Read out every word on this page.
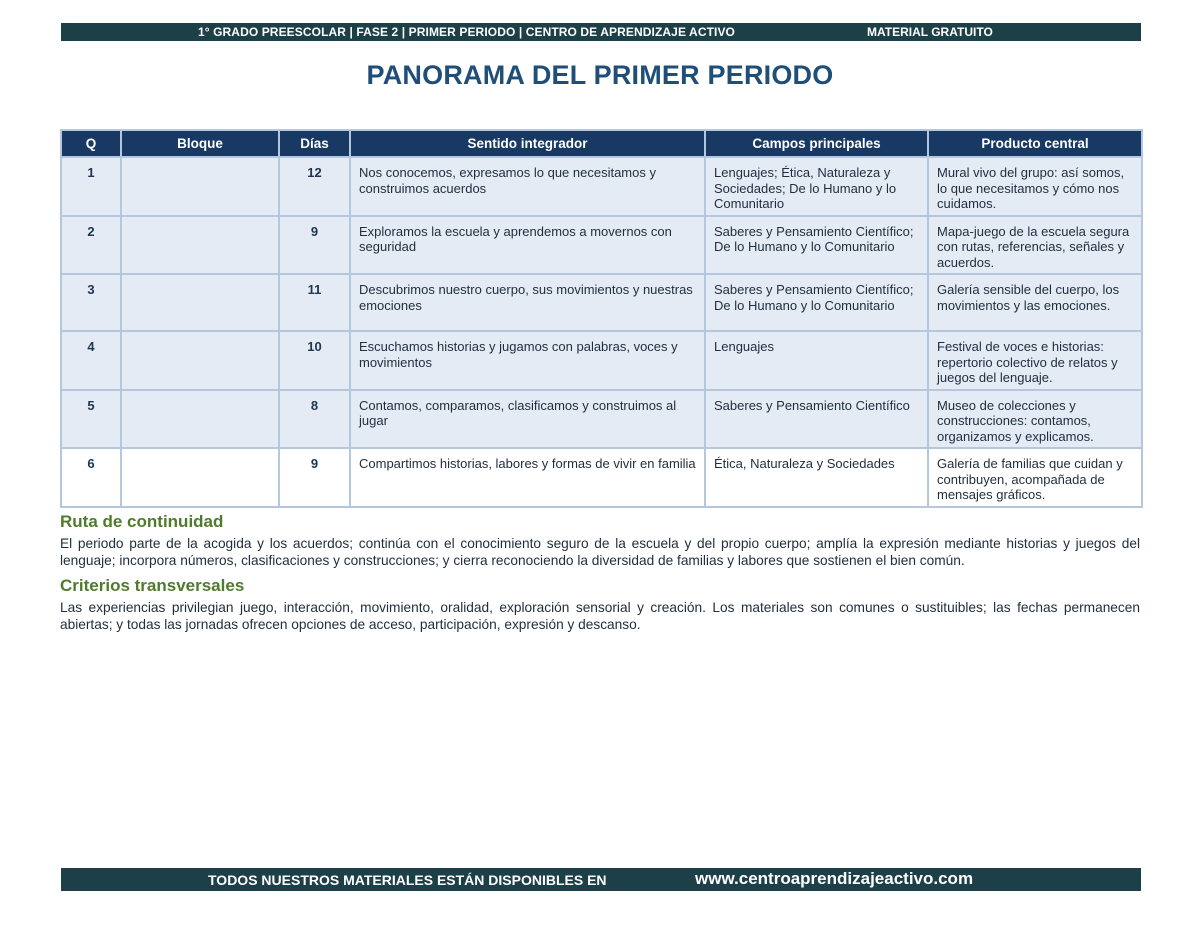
1° GRADO PREESCOLAR | FASE 2 | PRIMER PERIODO | CENTRO DE APRENDIZAJE ACTIVO	MATERIAL GRATUITO
PANORAMA DEL PRIMER PERIODO
Q	Bloque	Días	Sentido integrador	Campos principales	Producto central
1		12	Nos conocemos, expresamos lo que necesitamos y construimos acuerdos	Lenguajes; Ética, Naturaleza y Sociedades; De lo Humano y lo Comunitario	Mural vivo del grupo: así somos, lo que necesitamos y cómo nos cuidamos.
2		9	Exploramos la escuela y aprendemos a movernos con seguridad	Saberes y Pensamiento Científico; De lo Humano y lo Comunitario	Mapa-juego de la escuela segura con rutas, referencias, señales y acuerdos.
3		11	Descubrimos nuestro cuerpo, sus movimientos y nuestras emociones	Saberes y Pensamiento Científico; De lo Humano y lo Comunitario	Galería sensible del cuerpo, los movimientos y las emociones.
4		10	Escuchamos historias y jugamos con palabras, voces y movimientos	Lenguajes	Festival de voces e historias: repertorio colectivo de relatos y juegos del lenguaje.
5		8	Contamos, comparamos, clasificamos y construimos al jugar	Saberes y Pensamiento Científico	Museo de colecciones y construcciones: contamos, organizamos y explicamos.
6		9	Compartimos historias, labores y formas de vivir en familia	Ética, Naturaleza y Sociedades	Galería de familias que cuidan y contribuyen, acompañada de mensajes gráficos.
Ruta de continuidad
El periodo parte de la acogida y los acuerdos; continúa con el conocimiento seguro de la escuela y del propio cuerpo; amplía la expresión mediante historias y juegos del lenguaje; incorpora números, clasificaciones y construcciones; y cierra reconociendo la diversidad de familias y labores que sostienen el bien común.
Criterios transversales
Las experiencias privilegian juego, interacción, movimiento, oralidad, exploración sensorial y creación. Los materiales son comunes o sustituibles; las fechas permanecen abiertas; y todas las jornadas ofrecen opciones de acceso, participación, expresión y descanso.
TODOS NUESTROS MATERIALES ESTÁN DISPONIBLES EN	www.centroaprendizajeactivo.com
